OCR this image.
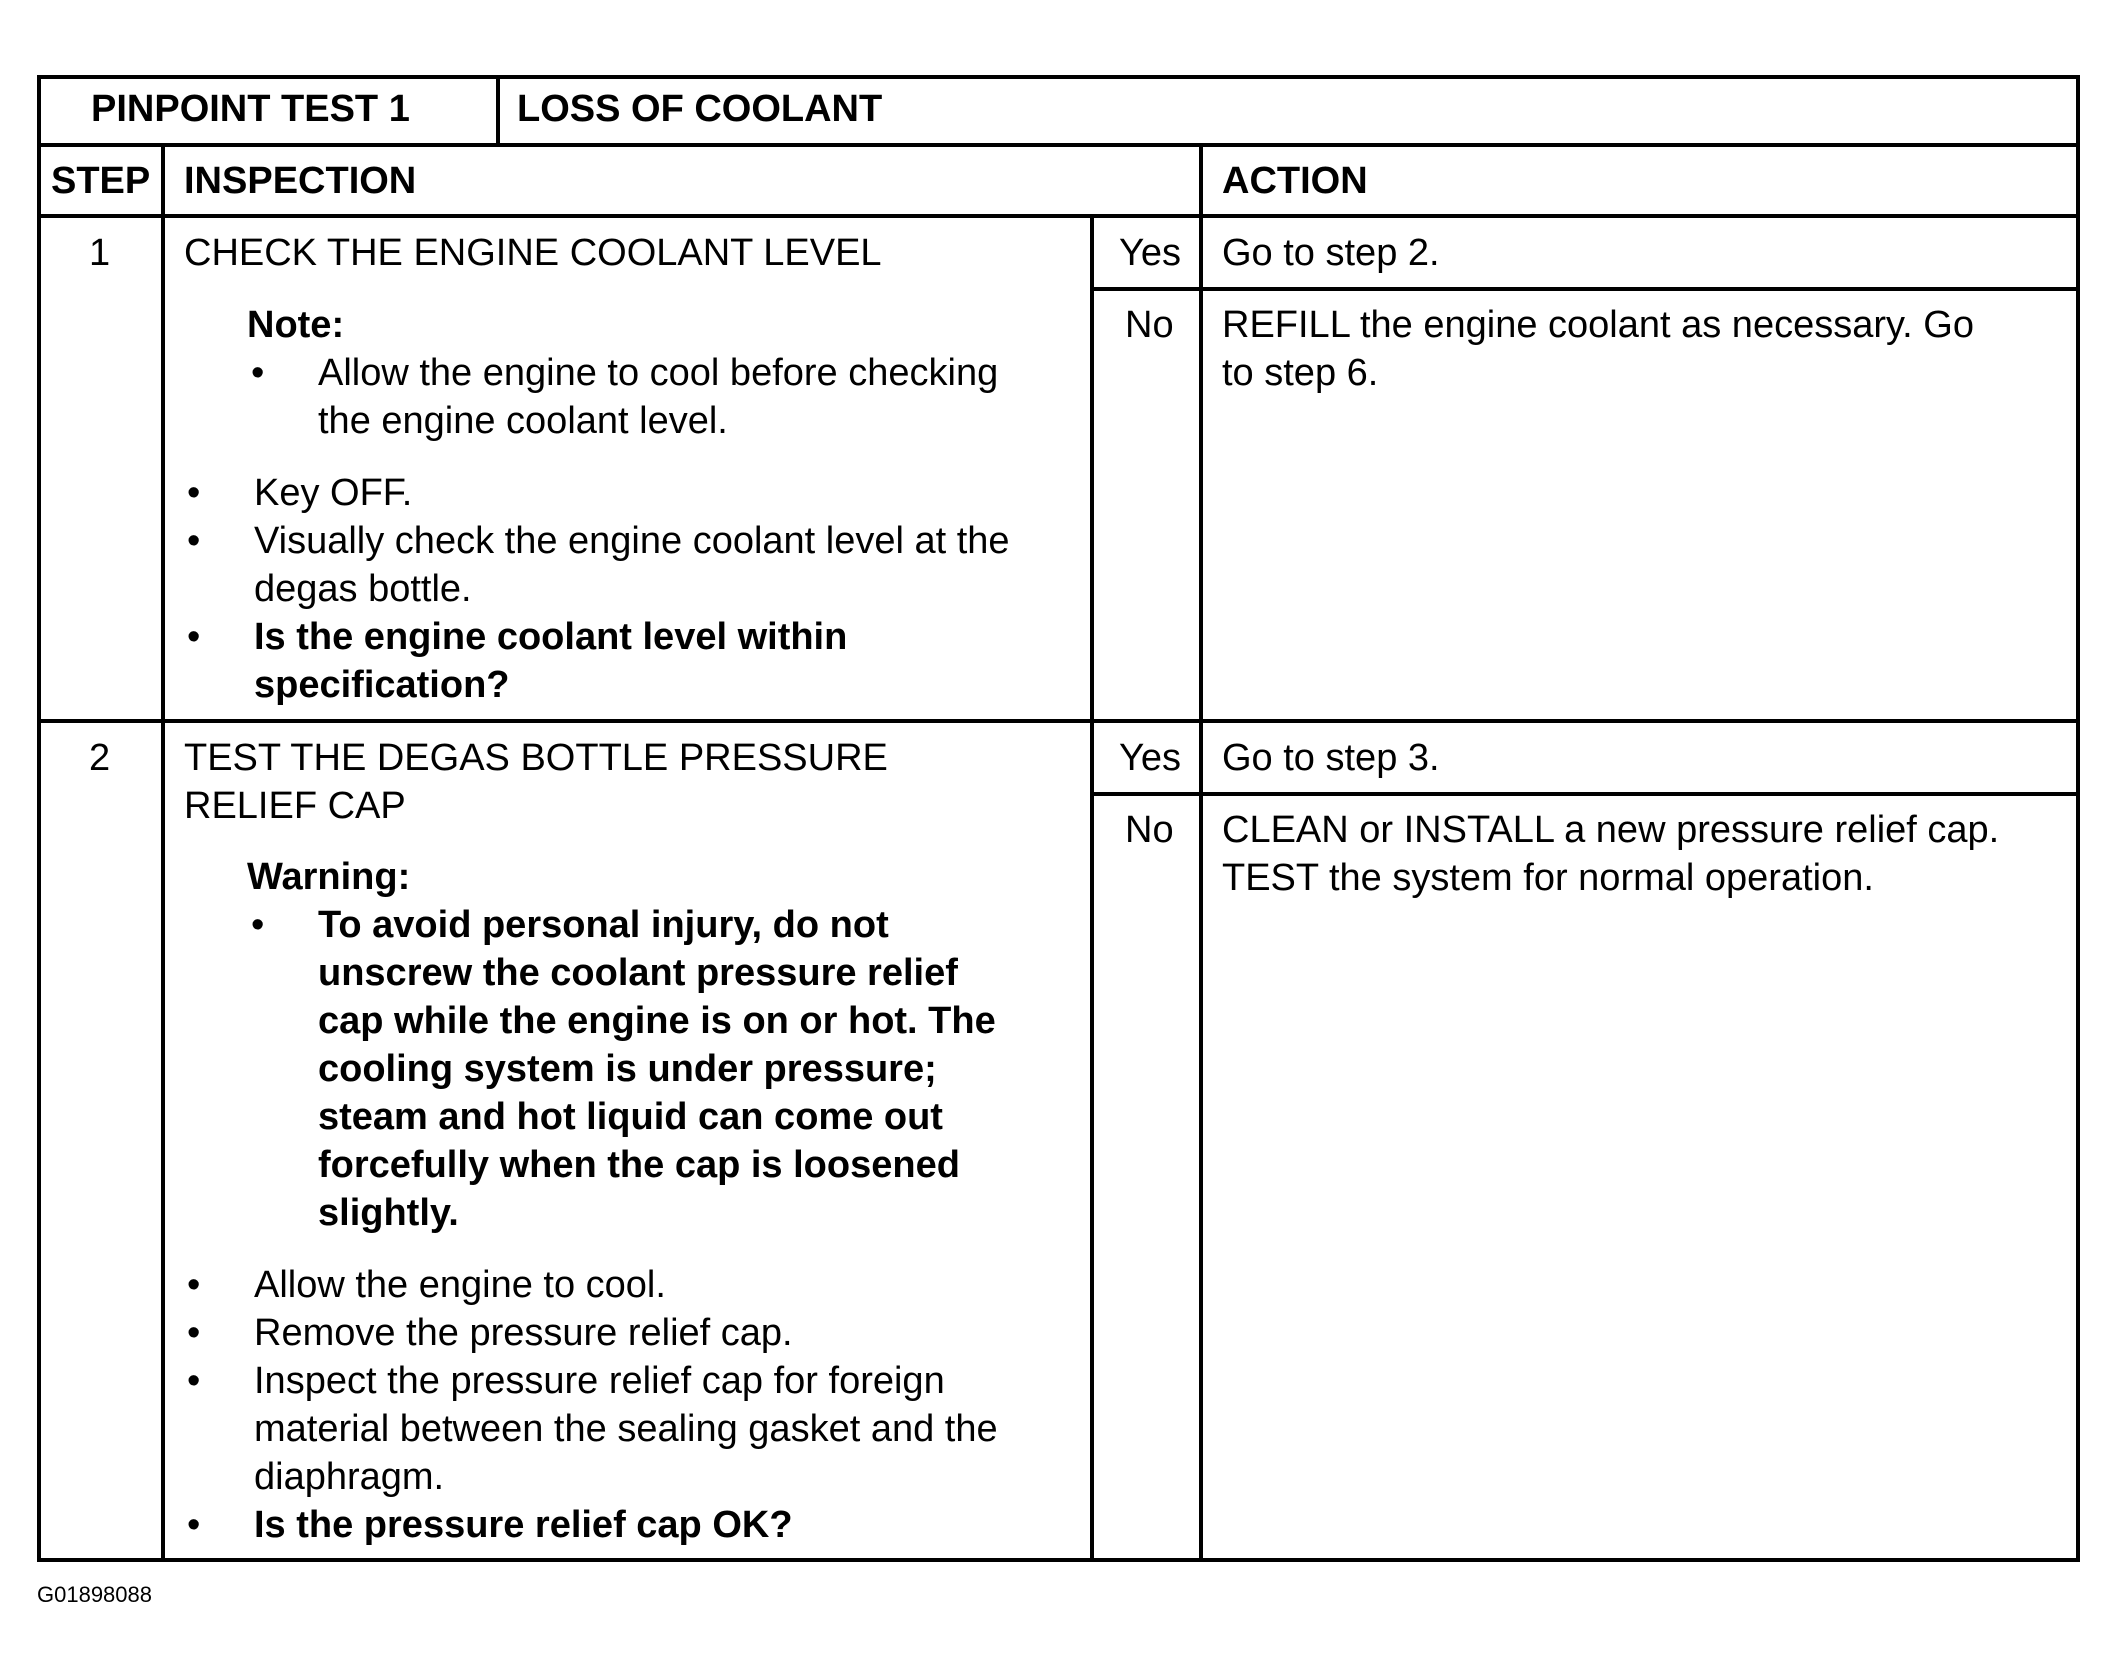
PINPOINT TEST 1	LOSS OF COOLANT
STEP INSPECTION	ACTION
1 CHECK THE ENGINE COOLANT LEVEL
Note:
• Allow the engine to cool before checking
the engine coolant level.
• Key OFF.
• Visually check the engine coolant level at the
degas bottle.
• Is the engine coolant level within
specification?
Yes Go to step 2.
No REFILL the engine coolant as necessary. Go
to step 6.
2 TEST THE DEGAS BOTTLE PRESSURE
RELIEF CAP
Warning:
• To avoid personal injury, do not
unscrew the coolant pressure relief
cap while the engine is on or hot. The
cooling system is under pressure;
steam and hot liquid can come out
forcefully when the cap is loosened
slightly.
• Allow the engine to cool.
• Remove the pressure relief cap.
• Inspect the pressure relief cap for foreign
material between the sealing gasket and the
diaphragm.
• Is the pressure relief cap OK?
Yes Go to step 3.
No CLEAN or INSTALL a new pressure relief cap.
TEST the system for normal operation.
G01898088
